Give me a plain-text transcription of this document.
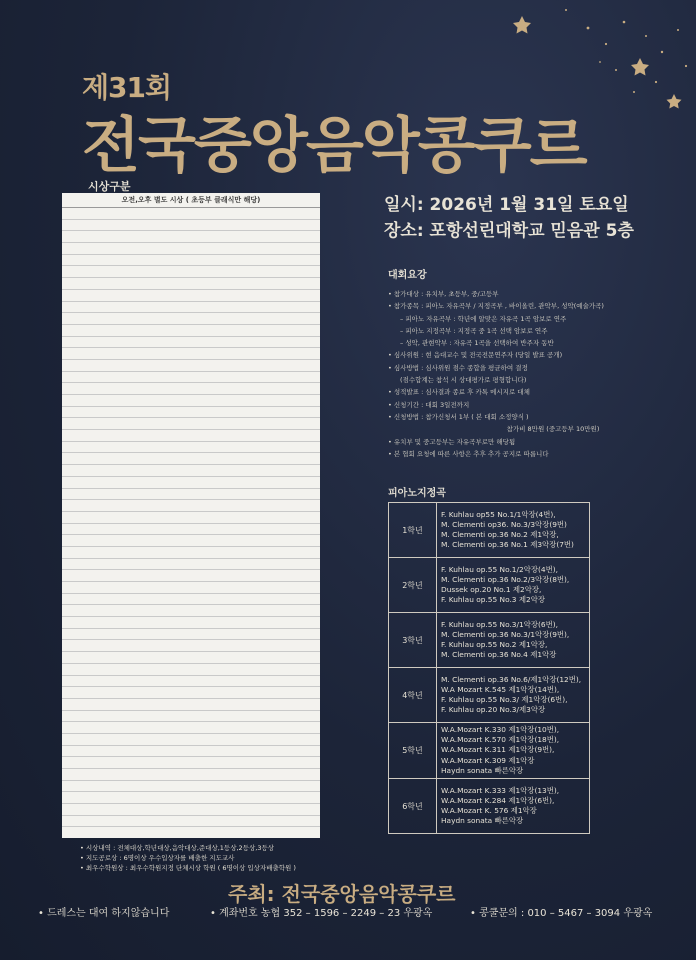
제31회
전국중앙음악콩쿠르
시상구분
오전,오후 별도 시상 ( 초등부 클래식만 해당)
• 시상내역 : 전체대상,학년대상,음악대상,준대상,1등상,2등상,3등상
• 지도공로상 : 6명이상 우수입상자를 배출한 지도교사
• 최우수학원상 : 최우수학원지정 단체시상 학원 ( 6명이상 입상자배출학원 )
일시: 2026년 1월 31일 토요일
장소: 포항선린대학교 믿음관 5층
대회요강
• 참가대상 : 유치부, 초등부, 중/고등부
• 참가종목 : 피아노 자유곡부 / 지정곡부 , 바이올린, 관악부, 성악(예술가곡)
– 피아노 자유곡부 : 학년에 알맞은 자유곡 1곡 암보로 연주
– 피아노 지정곡부 : 지정곡 중 1곡 선택 암보로 연주
– 성악, 관현악부 : 자유곡 1곡을 선택하여 반주자 동반
• 심사위원 : 현 음대교수 및 전국전문연주자 (당일 발표 공개)
• 심사방법 : 심사위원 점수 종합을 평균하여 결정
(점수합계는 참석 시 상대평가로 평형합니다)
• 성적발표 : 심사결과 종료 후 카톡 메시지로 대체
• 신청기간 : 대회 3일전까지
• 신청방법 : 참가신청서 1부 ( 본 대회 소정양식 )
참가비 8만원 (중고등부 10만원)
• 유치부 및 중고등부는 자유곡부로만 해당됨
• 본 협회 요청에 따른 사항은 추후 추가 공지로 따릅니다
피아노지정곡
1학년	F. Kuhlau op55 No.1/1악장(4번),
M. Clementi op36. No.3/3악장(9번)
M. Clementi op.36 No.2 제1악장,
M. Clementi op.36 No.1 제3악장(7번)

2학년	F. Kuhlau op.55 No.1/2악장(4번),
M. Clementi op.36 No.2/3악장(8번),
Dussek op.20 No.1 제2악장,
F. Kuhlau op.55 No.3 제2악장

3학년	F. Kuhlau op.55 No.3/1악장(6번),
M. Clementi op.36 No.3/1악장(9번),
F. Kuhlau op.55 No.2 제1악장,
M. Clementi op.36 No.4 제1악장

4학년	M. Clementi op.36 No.6/제1악장(12번),
W.A Mozart K.545 제1악장(14번),
F. Kuhlau op.55 No.3/ 제1악장(6번),
F. Kuhlau op.20 No.3/제3악장

5학년	W.A.Mozart K.330 제1악장(10번),
W.A.Mozart K.570 제1악장(18번),
W.A.Mozart K.311 제1악장(9번),
W.A.Mozart K.309 제1악장
Haydn sonata 빠른악장

6학년	W.A.Mozart K.333 제1악장(13번),
W.A.Mozart K.284 제1악장(6번),
W.A.Mozart K. 576 제1악장
Haydn sonata 빠른악장
주최: 전국중앙음악콩쿠르
• 드레스는 대여 하지않습니다	• 계좌번호 농협 352 – 1596 – 2249 – 23 우광옥	• 콩쿨문의 : 010 – 5467 – 3094 우광옥
